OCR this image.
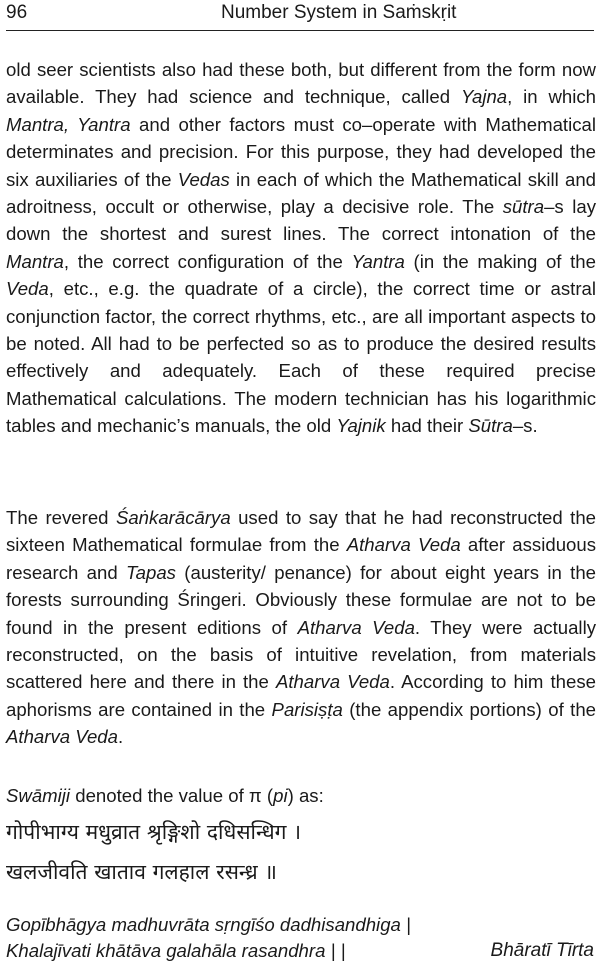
96	Number System in Saṁskṛit

old seer scientists also had these both, but different from the form now available. They had science and technique, called Yajna, in which Mantra, Yantra and other factors must co–operate with Mathematical determinates and precision. For this purpose, they had developed the six auxiliaries of the Vedas in each of which the Mathematical skill and adroitness, occult or otherwise, play a decisive role. The sūtra–s lay down the shortest and surest lines. The correct intonation of the Mantra, the correct configuration of the Yantra (in the making of the Veda, etc., e.g. the quadrate of a circle), the correct time or astral conjunction factor, the correct rhythms, etc., are all important aspects to be noted. All had to be perfected so as to produce the desired results effectively and adequately. Each of these required precise Mathematical calculations. The modern technician has his logarithmic tables and mechanic’s manuals, the old Yajnik had their Sūtra–s.

The revered Śaṅkarācārya used to say that he had reconstructed the sixteen Mathematical formulae from the Atharva Veda after assiduous research and Tapas (austerity/ penance) for about eight years in the forests surrounding Śringeri. Obviously these formulae are not to be found in the present editions of Atharva Veda. They were actually reconstructed, on the basis of intuitive revelation, from materials scattered here and there in the Atharva Veda. According to him these aphorisms are contained in the Parisiṣṭa (the appendix portions) of the Atharva Veda.

Swāmiji denoted the value of π (pi) as:

गोपीभाग्य मधुव्रात श्रृङ्गिशो दधिसन्धिग ।
खलजीवति खाताव गलहाल रसन्ध्र ॥
Gopībhāgya madhuvrāta sṛngīśo dadhisandhiga |
Khalajīvati khātāva galahāla rasandhra | |	Bhāratī Tīrta
